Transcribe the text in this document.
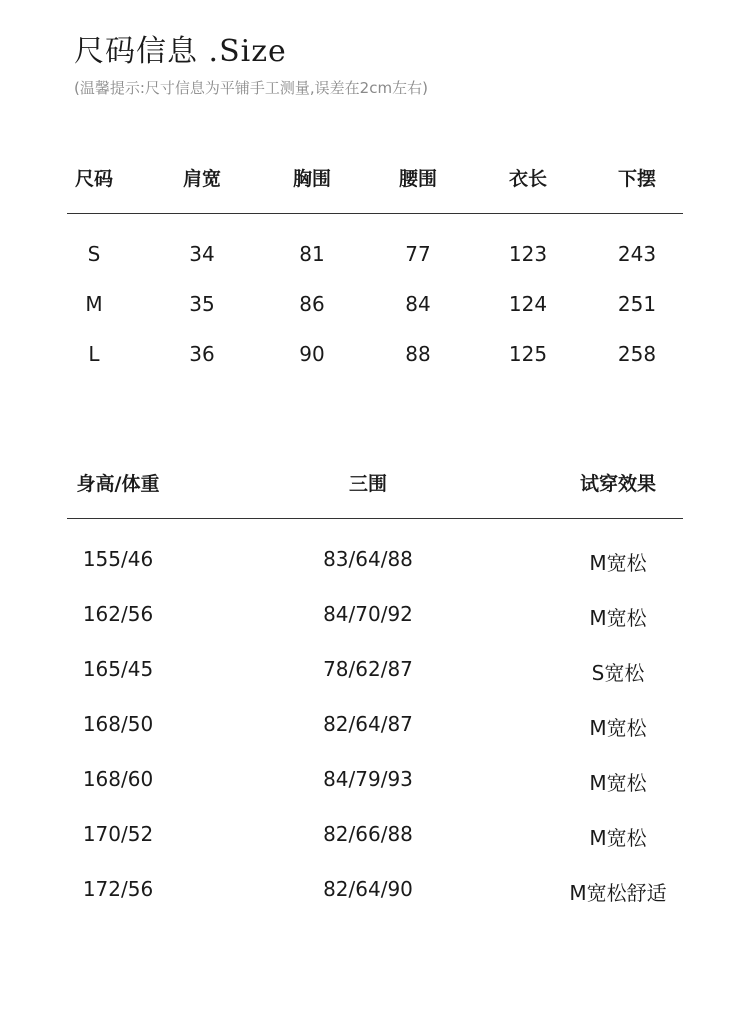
尺码信息 .Size
(温馨提示:尺寸信息为平铺手工测量,误差在2cm左右)
尺码	肩宽	胸围	腰围	衣长	下摆
S	34	81	77	123	243
M	35	86	84	124	251
L	36	90	88	125	258
身高/体重	三围	试穿效果
155/46	83/64/88	M宽松
162/56	84/70/92	M宽松
165/45	78/62/87	S宽松
168/50	82/64/87	M宽松
168/60	84/79/93	M宽松
170/52	82/66/88	M宽松
172/56	82/64/90	M宽松舒适
